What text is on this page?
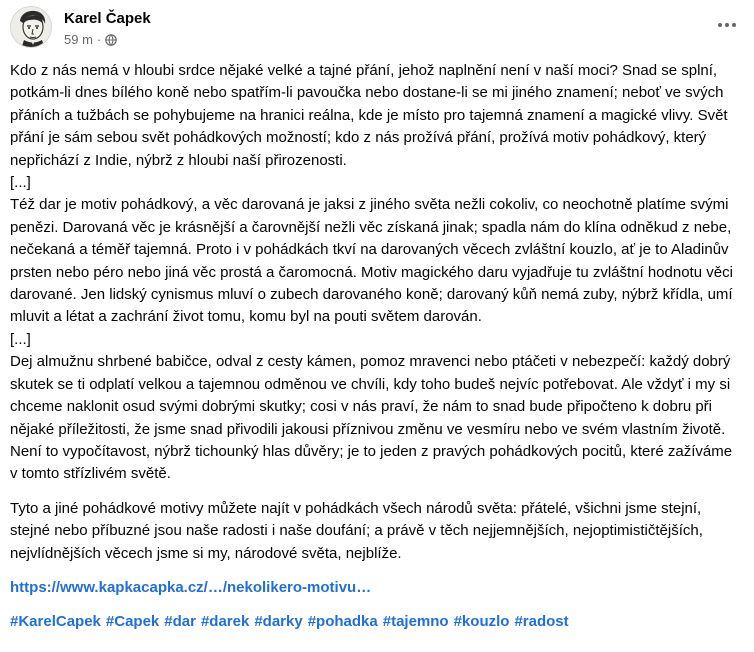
Karel Čapek
59 m ·

Kdo z nás nemá v hloubi srdce nějaké velké a tajné přání, jehož naplnění není v naší moci? Snad se splní, potkám-li dnes bílého koně nebo spatřím-li pavoučka nebo dostane-li se mi jiného znamení; neboť ve svých přáních a tužbách se pohybujeme na hranici reálna, kde je místo pro tajemná znamení a magické vlivy. Svět přání je sám sebou svět pohádkových možností; kdo z nás prožívá přání, prožívá motiv pohádkový, který nepřichází z Indie, nýbrž z hloubi naší přirozenosti.
[...]
Též dar je motiv pohádkový, a věc darovaná je jaksi z jiného světa nežli cokoliv, co neochotně platíme svými penězi. Darovaná věc je krásnější a čarovnější nežli věc získaná jinak; spadla nám do klína odněkud z nebe, nečekaná a téměř tajemná. Proto i v pohádkách tkví na darovaných věcech zvláštní kouzlo, ať je to Aladinův prsten nebo péro nebo jiná věc prostá a čaromocná. Motiv magického daru vyjadřuje tu zvláštní hodnotu věci darované. Jen lidský cynismus mluví o zubech darovaného koně; darovaný kůň nemá zuby, nýbrž křídla, umí mluvit a létat a zachrání život tomu, komu byl na pouti světem darován.
[...]
Dej almužnu shrbené babičce, odval z cesty kámen, pomoz mravenci nebo ptáčeti v nebezpečí: každý dobrý skutek se ti odplatí velkou a tajemnou odměnou ve chvíli, kdy toho budeš nejvíc potřebovat. Ale vždyť i my si chceme naklonit osud svými dobrými skutky; cosi v nás praví, že nám to snad bude připočteno k dobru při nějaké příležitosti, že jsme snad přivodili jakousi příznivou změnu ve vesmíru nebo ve svém vlastním životě. Není to vypočítavost, nýbrž tichounký hlas důvěry; je to jeden z pravých pohádkových pocitů, které zažíváme v tomto střízlivém světě.

Tyto a jiné pohádkové motivy můžete najít v pohádkách všech národů světa: přátelé, všichni jsme stejní, stejné nebo příbuzné jsou naše radosti i naše doufání; a právě v těch nejjemnějších, nejoptimističtějších, nejvlídnějších věcech jsme si my, národové světa, nejblíže.

https://www.kapkacapka.cz/…/nekolikero-motivu…
#KarelCapek #Capek #dar #darek #darky #pohadka #tajemno #kouzlo #radost
